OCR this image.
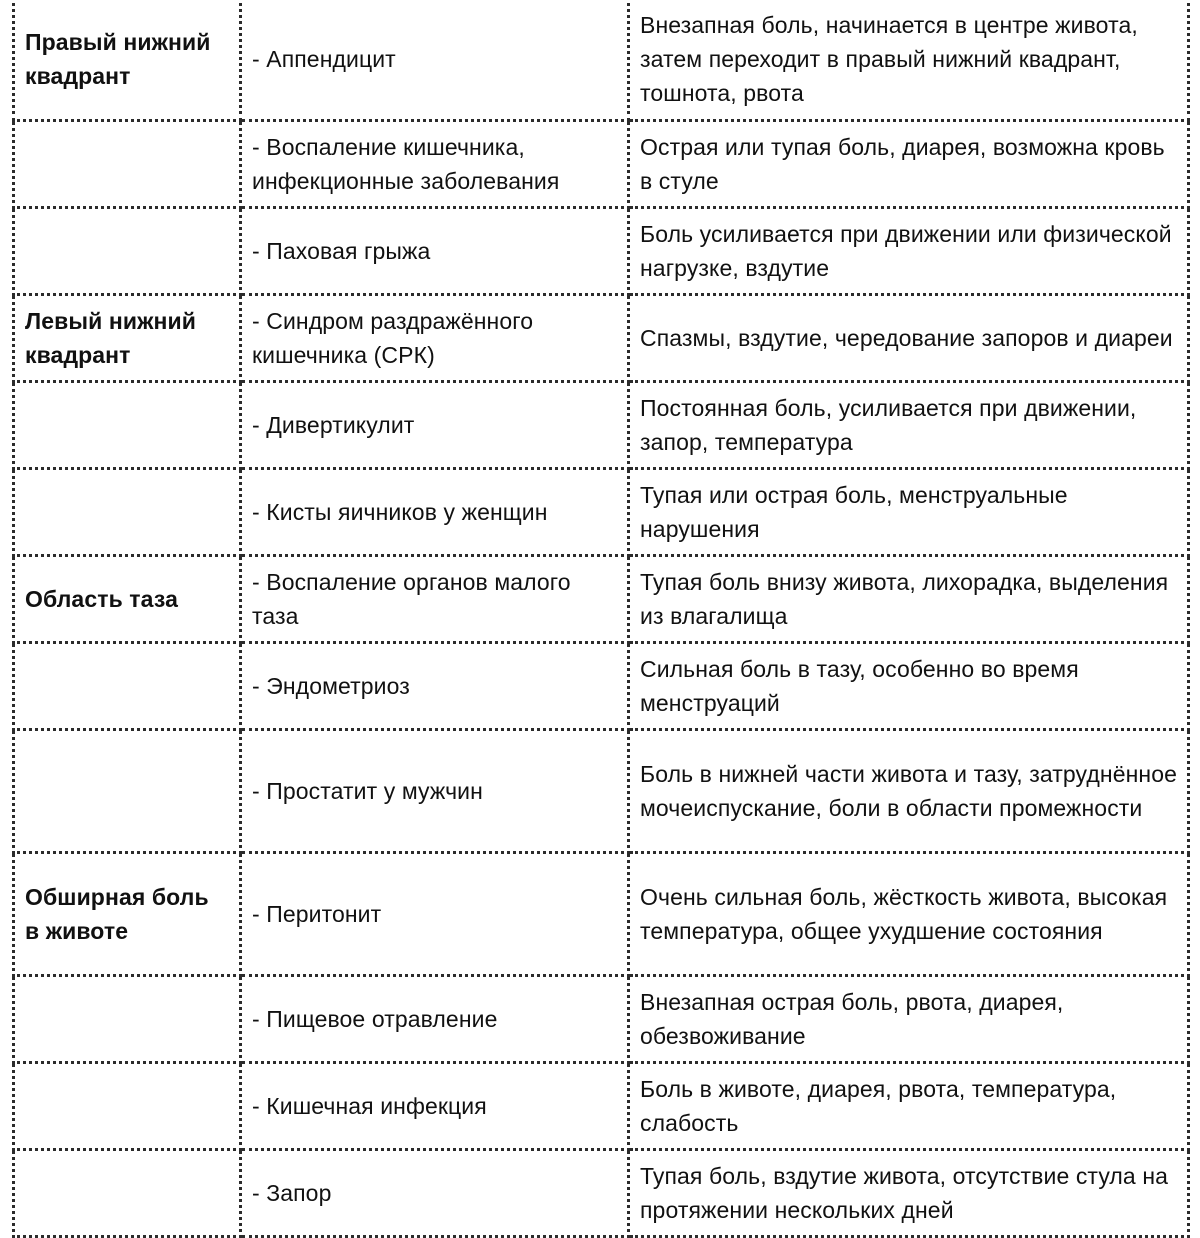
Правый нижний квадрант	- Аппендицит	Внезапная боль, начинается в центре живота, затем переходит в правый нижний квадрант, тошнота, рвота
	- Воспаление кишечника, инфекционные заболевания	Острая или тупая боль, диарея, возможна кровь в стуле
	- Паховая грыжа	Боль усиливается при движении или физической нагрузке, вздутие
Левый нижний квадрант	- Синдром раздражённого кишечника (СРК)	Спазмы, вздутие, чередование запоров и диареи
	- Дивертикулит	Постоянная боль, усиливается при движении, запор, температура
	- Кисты яичников у женщин	Тупая или острая боль, менструальные нарушения
Область таза	- Воспаление органов малого таза	Тупая боль внизу живота, лихорадка, выделения из влагалища
	- Эндометриоз	Сильная боль в тазу, особенно во время менструаций
	- Простатит у мужчин	Боль в нижней части живота и тазу, затруднённое мочеиспускание, боли в области промежности
Обширная боль в животе	- Перитонит	Очень сильная боль, жёсткость живота, высокая температура, общее ухудшение состояния
	- Пищевое отравление	Внезапная острая боль, рвота, диарея, обезвоживание
	- Кишечная инфекция	Боль в животе, диарея, рвота, температура, слабость
	- Запор	Тупая боль, вздутие живота, отсутствие стула на протяжении нескольких дней
